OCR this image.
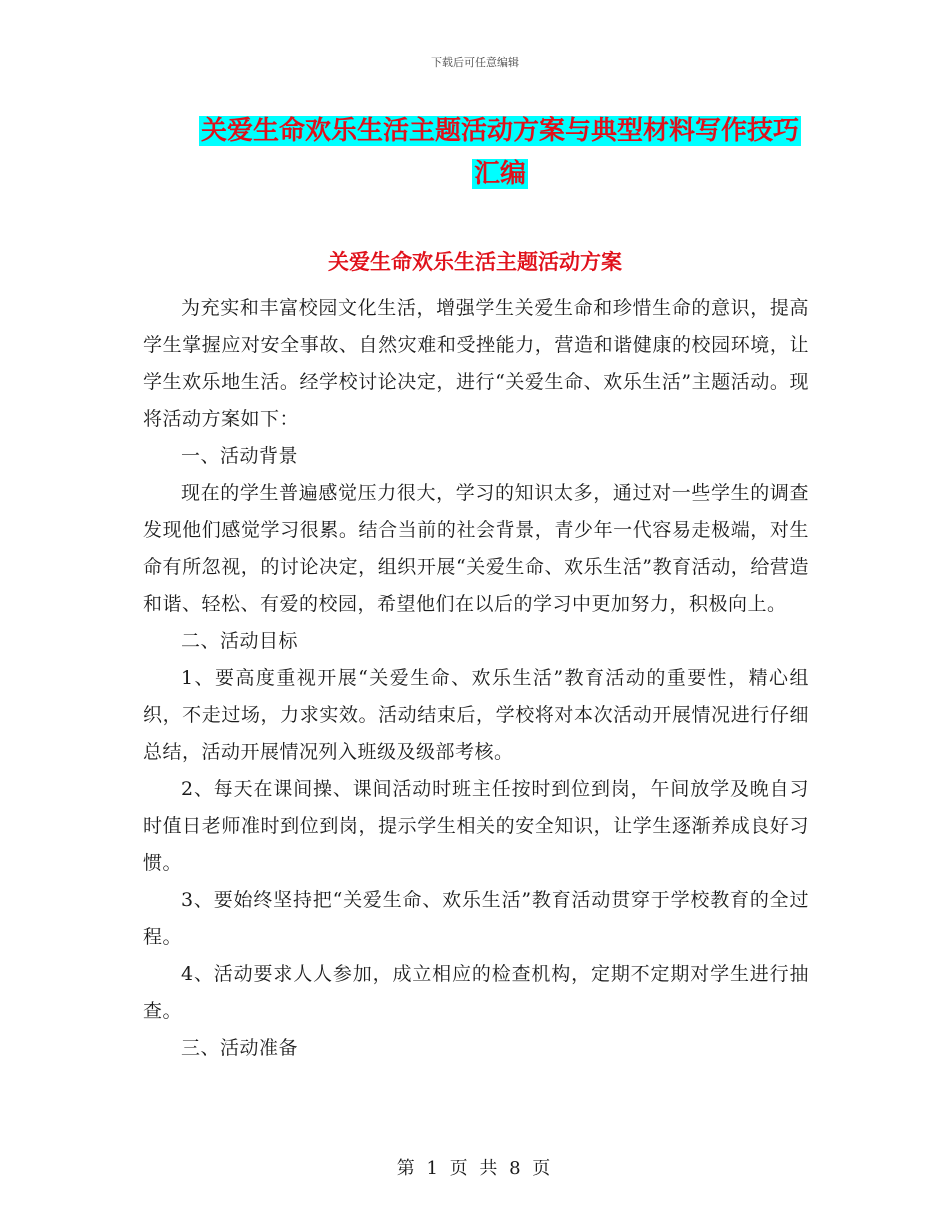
下载后可任意编辑
关爱生命欢乐生活主题活动方案与典型材料写作技巧
汇编
关爱生命欢乐生活主题活动方案

为充实和丰富校园文化生活，增强学生关爱生命和珍惜生命的意识，提高学生掌握应对安全事故、自然灾难和受挫能力，营造和谐健康的校园环境，让学生欢乐地生活。经学校讨论决定，进行“关爱生命、欢乐生活”主题活动。现将活动方案如下：

一、活动背景

现在的学生普遍感觉压力很大，学习的知识太多，通过对一些学生的调查发现他们感觉学习很累。结合当前的社会背景，青少年一代容易走极端，对生命有所忽视，的讨论决定，组织开展“关爱生命、欢乐生活”教育活动，给营造和谐、轻松、有爱的校园，希望他们在以后的学习中更加努力，积极向上。

二、活动目标

1、要高度重视开展“关爱生命、欢乐生活”教育活动的重要性，精心组织，不走过场，力求实效。活动结束后，学校将对本次活动开展情况进行仔细总结，活动开展情况列入班级及级部考核。

2、每天在课间操、课间活动时班主任按时到位到岗，午间放学及晚自习时值日老师准时到位到岗，提示学生相关的安全知识，让学生逐渐养成良好习惯。

3、要始终坚持把“关爱生命、欢乐生活”教育活动贯穿于学校教育的全过程。

4、活动要求人人参加，成立相应的检查机构，定期不定期对学生进行抽查。

三、活动准备

第 1 页 共 8 页
